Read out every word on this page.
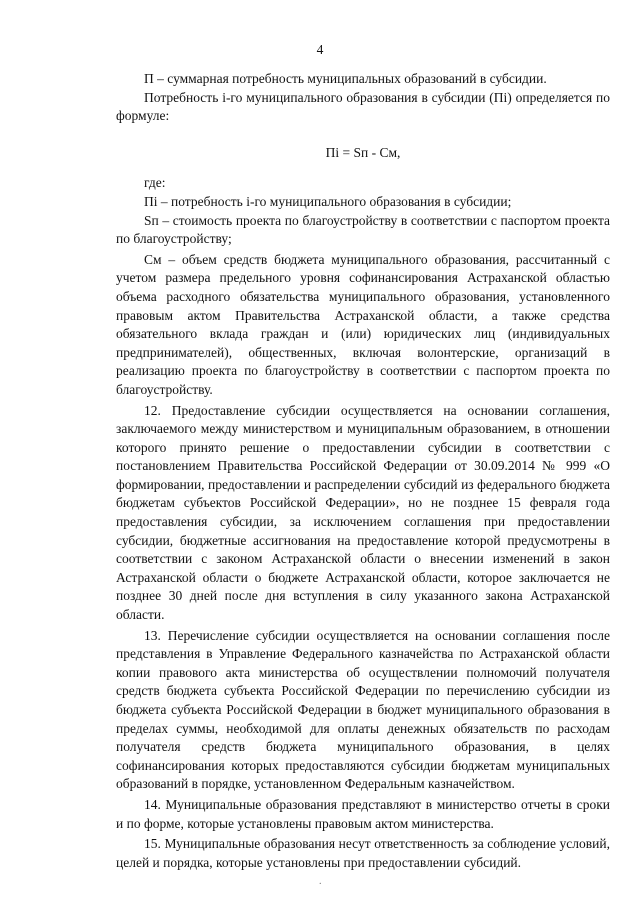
4

П – суммарная потребность муниципальных образований в субсидии.

Потребность i-го муниципального образования в субсидии (Пi) определяется по формуле:

Пi = Sп - См,

где:

Пi – потребность i-го муниципального образования в субсидии;

Sп – стоимость проекта по благоустройству в соответствии с паспортом проекта по благоустройству;

См – объем средств бюджета муниципального образования, рассчитанный с учетом размера предельного уровня софинансирования Астраханской областью объема расходного обязательства муниципального образования, установленного правовым актом Правительства Астраханской области, а также средства обязательного вклада граждан и (или) юридических лиц (индивидуальных предпринимателей), общественных, включая волонтерские, организаций в реализацию проекта по благоустройству в соответствии с паспортом проекта по благоустройству.

12. Предоставление субсидии осуществляется на основании соглашения, заключаемого между министерством и муниципальным образованием, в отношении которого принято решение о предоставлении субсидии в соответствии с постановлением Правительства Российской Федерации от 30.09.2014 № 999 «О формировании, предоставлении и распределении субсидий из федерального бюджета бюджетам субъектов Российской Федерации», но не позднее 15 февраля года предоставления субсидии, за исключением соглашения при предоставлении субсидии, бюджетные ассигнования на предоставление которой предусмотрены в соответствии с законом Астраханской области о внесении изменений в закон Астраханской области о бюджете Астраханской области, которое заключается не позднее 30 дней после дня вступления в силу указанного закона Астраханской области.

13. Перечисление субсидии осуществляется на основании соглашения после представления в Управление Федерального казначейства по Астраханской области копии правового акта министерства об осуществлении полномочий получателя средств бюджета субъекта Российской Федерации по перечислению субсидии из бюджета субъекта Российской Федерации в бюджет муниципального образования в пределах суммы, необходимой для оплаты денежных обязательств по расходам получателя средств бюджета муниципального образования, в целях софинансирования которых предоставляются субсидии бюджетам муниципальных образований в порядке, установленном Федеральным казначейством.

14. Муниципальные образования представляют в министерство отчеты в сроки и по форме, которые установлены правовым актом министерства.

15. Муниципальные образования несут ответственность за соблюдение условий, целей и порядка, которые установлены при предоставлении субсидий.

.
